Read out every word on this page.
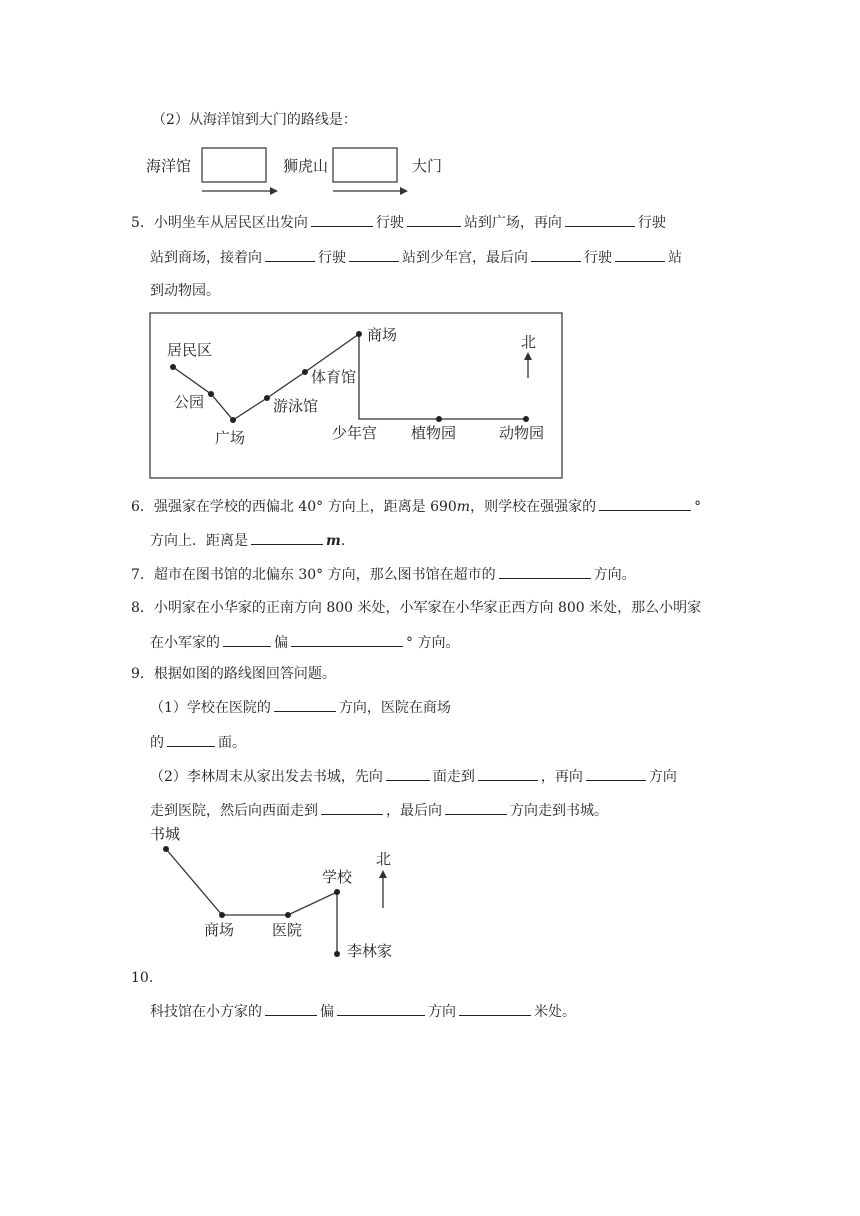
（2）从海洋馆到大门的路线是：
海洋馆	狮虎山	大门
5．小明坐车从居民区出发向	行驶	站到广场，再向	行驶
站到商场，接着向	行驶	站到少年宫，最后向	行驶	站
到动物园。
居民区
公园
广场
游泳馆
体育馆
商场
少年宫 植物园	动物园
北
6．强强家在学校的西偏北 40° 方向上，距离是 690m，则学校在强强家的	°
方向上．距离是	m．
7．超市在图书馆的北偏东 30° 方向，那么图书馆在超市的	方向。
8．小明家在小华家的正南方向 800 米处，小军家在小华家正西方向 800 米处，那么小明家
在小军家的	偏	° 方向。
9．根据如图的路线图回答问题。
（1）学校在医院的	方向，医院在商场
的	面。
（2）李林周末从家出发去书城，先向	面走到	，再向	方向
走到医院，然后向西面走到	，最后向	方向走到书城。
书城
商场	医院
学校
李林家
北
10.
科技馆在小方家的	偏	方向	米处。
